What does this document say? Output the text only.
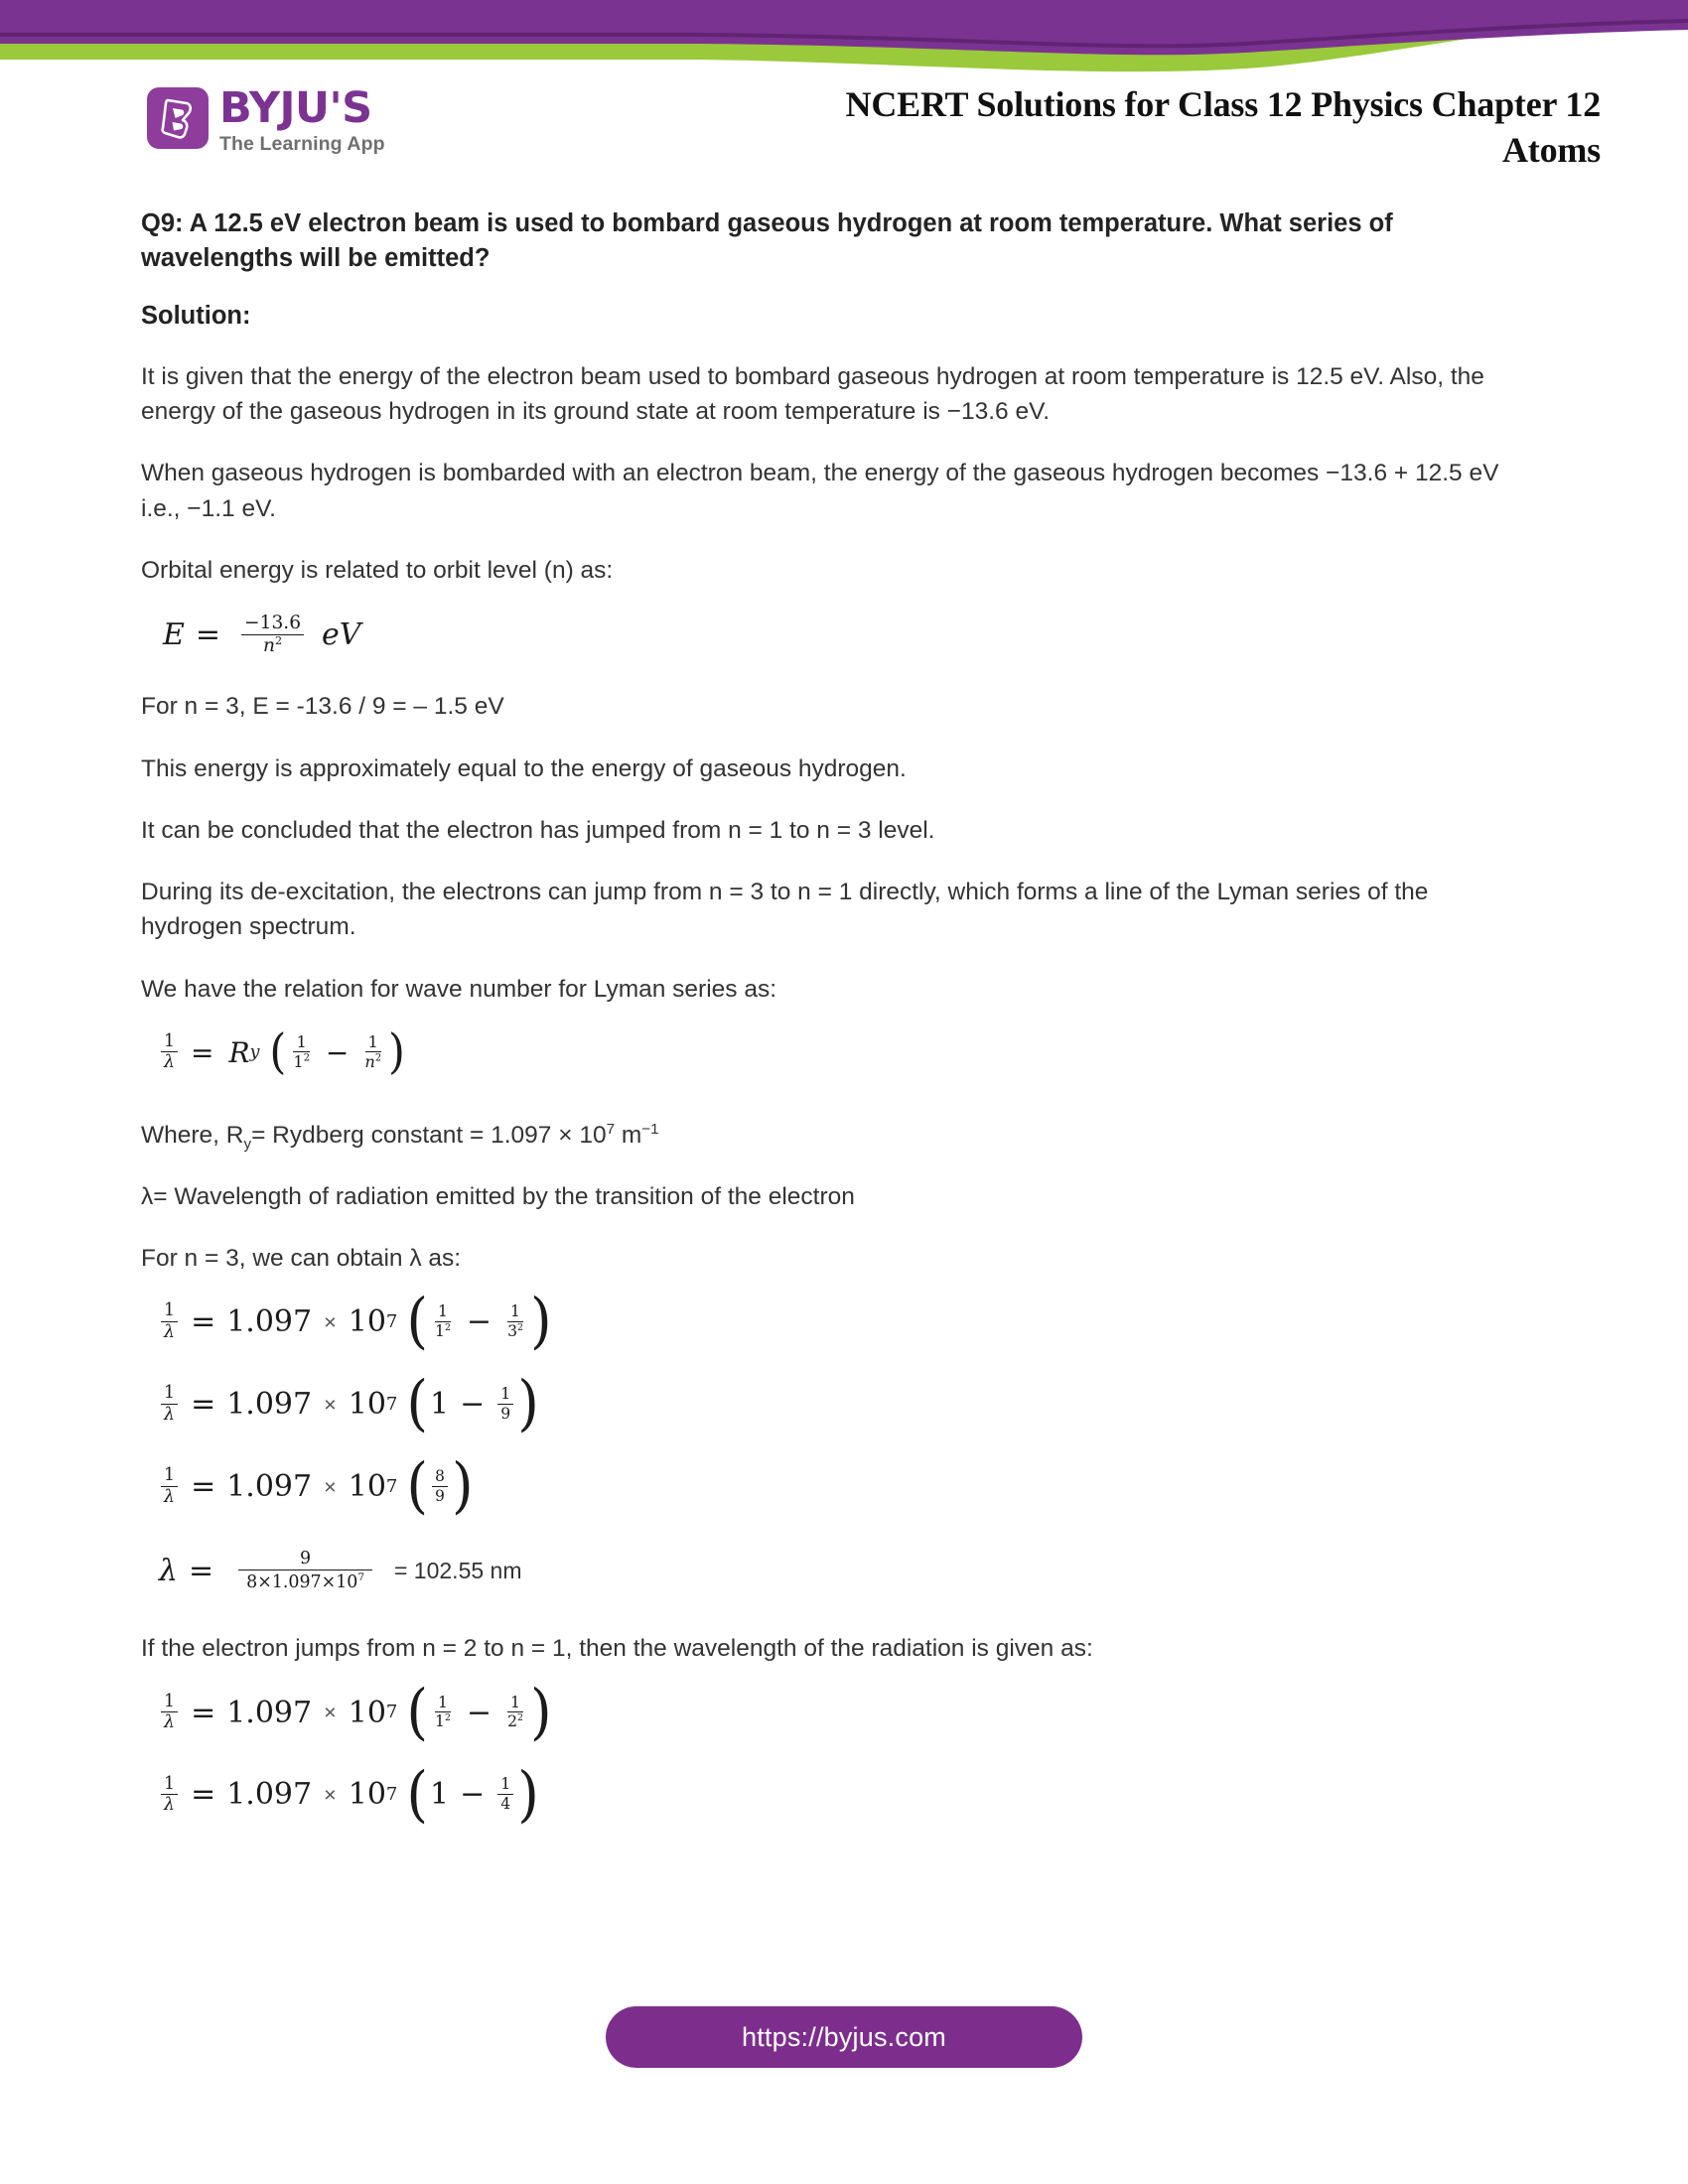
BYJU'S
The Learning App
NCERT Solutions for Class 12 Physics Chapter 12
Atoms
Q9: A 12.5 eV electron beam is used to bombard gaseous hydrogen at room temperature. What series of wavelengths will be emitted?
Solution:

It is given that the energy of the electron beam used to bombard gaseous hydrogen at room temperature is 12.5 eV. Also, the energy of the gaseous hydrogen in its ground state at room temperature is −13.6 eV.

When gaseous hydrogen is bombarded with an electron beam, the energy of the gaseous hydrogen becomes −13.6 + 12.5 eV i.e., −1.1 eV.

Orbital energy is related to orbit level (n) as:

$E = \frac{-13.6}{n^2}$ eV

For n = 3, E = -13.6 / 9 = – 1.5 eV

This energy is approximately equal to the energy of gaseous hydrogen.

It can be concluded that the electron has jumped from n = 1 to n = 3 level.

During its de-excitation, the electrons can jump from n = 3 to n = 1 directly, which forms a line of the Lyman series of the hydrogen spectrum.

We have the relation for wave number for Lyman series as:

$\frac{1}{\lambda} = R$ y ( $\frac{1}{1^2} - \frac{1}{n^2}$ )

Where, $R_y=$ Rydberg constant = $1.097 \times 10^7$ $m^{-1}$

λ= Wavelength of radiation emitted by the transition of the electron

For n = 3, we can obtain λ as:

$\frac{1}{\lambda} = 1.097 \times 10$ 7 ( $\frac{1}{1^2} - \frac{1}{3^2}$ )
$\frac{1}{\lambda} = 1.097 \times 10$ 7 ( $1 - \frac{1}{9}$ )
$\frac{1}{\lambda} = 1.097 \times 10$ 7 ( $\frac{8}{9}$ )
$\lambda = \frac{9}{8\times 1.097\times 10^7} = 102.55$ nm

If the electron jumps from n = 2 to n = 1, then the wavelength of the radiation is given as:

$\frac{1}{\lambda} = 1.097 \times 10$ 7 ( $\frac{1}{1^2} - \frac{1}{2^2}$ )
$\frac{1}{\lambda} = 1.097 \times 10$ 7 ( $1 - \frac{1}{4}$ )
https://byjus.com
